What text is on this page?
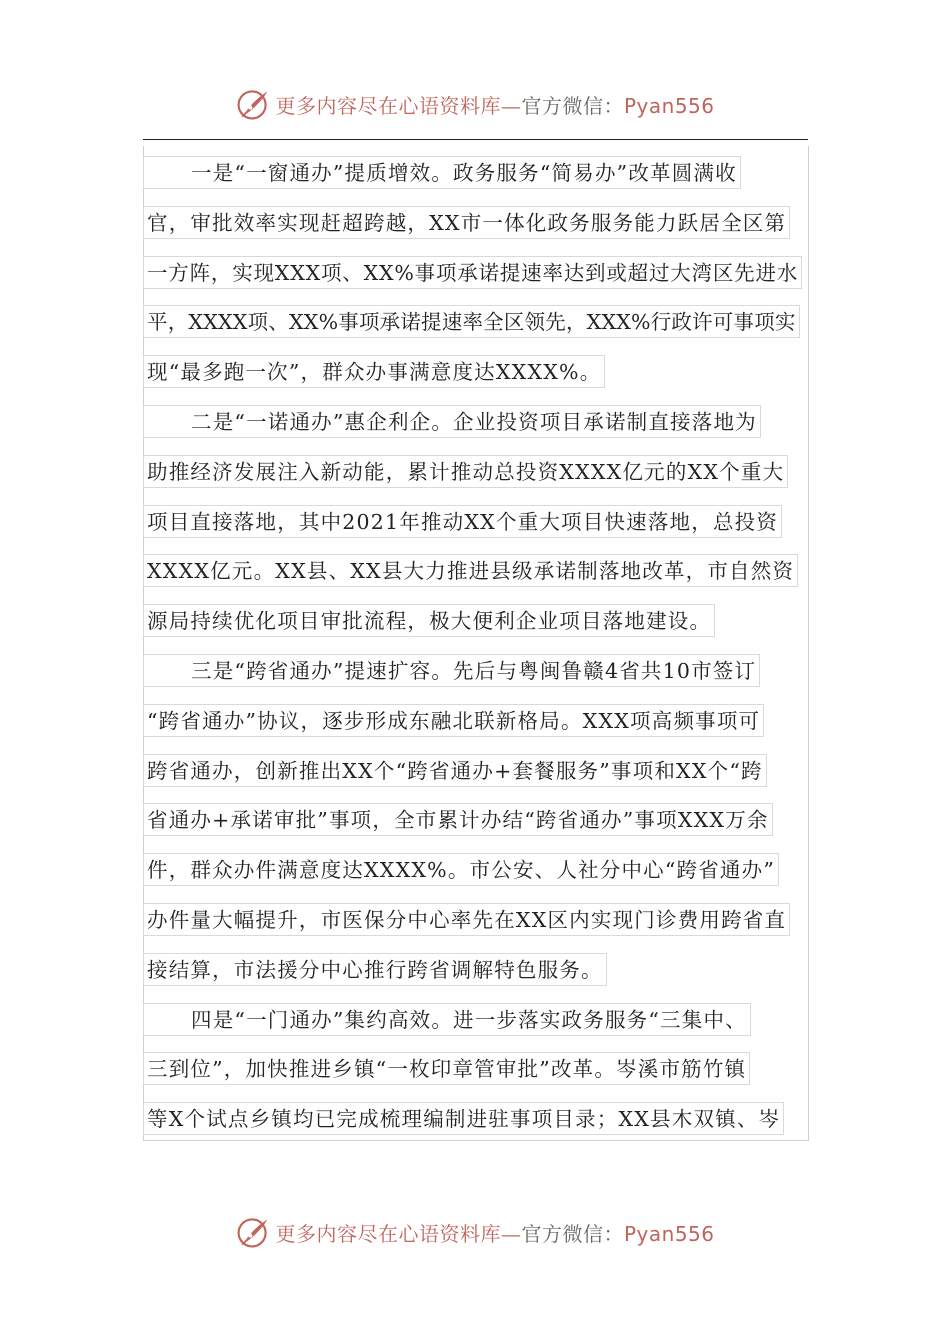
更多内容尽在心语资料库—官方微信：Pyan556
一是“一窗通办”提质增效。政务服务“简易办”改革圆满收
官，审批效率实现赶超跨越，XX市一体化政务服务能力跃居全区第
一方阵，实现XXX项、XX%事项承诺提速率达到或超过大湾区先进水
平，XXXX项、XX%事项承诺提速率全区领先，XXX%行政许可事项实
现“最多跑一次”，群众办事满意度达XXXX%。
二是“一诺通办”惠企利企。企业投资项目承诺制直接落地为
助推经济发展注入新动能，累计推动总投资XXXX亿元的XX个重大
项目直接落地，其中2021年推动XX个重大项目快速落地，总投资
XXXX亿元。XX县、XX县大力推进县级承诺制落地改革，市自然资
源局持续优化项目审批流程，极大便利企业项目落地建设。
三是“跨省通办”提速扩容。先后与粤闽鲁赣4省共10市签订
“跨省通办”协议，逐步形成东融北联新格局。XXX项高频事项可
跨省通办，创新推出XX个“跨省通办+套餐服务”事项和XX个“跨
省通办+承诺审批”事项，全市累计办结“跨省通办”事项XXX万余
件，群众办件满意度达XXXX%。市公安、人社分中心“跨省通办”
办件量大幅提升，市医保分中心率先在XX区内实现门诊费用跨省直
接结算，市法援分中心推行跨省调解特色服务。
四是“一门通办”集约高效。进一步落实政务服务“三集中、
三到位”，加快推进乡镇“一枚印章管审批”改革。岑溪市筋竹镇
等X个试点乡镇均已完成梳理编制进驻事项目录；XX县木双镇、岑
更多内容尽在心语资料库—官方微信：Pyan556
